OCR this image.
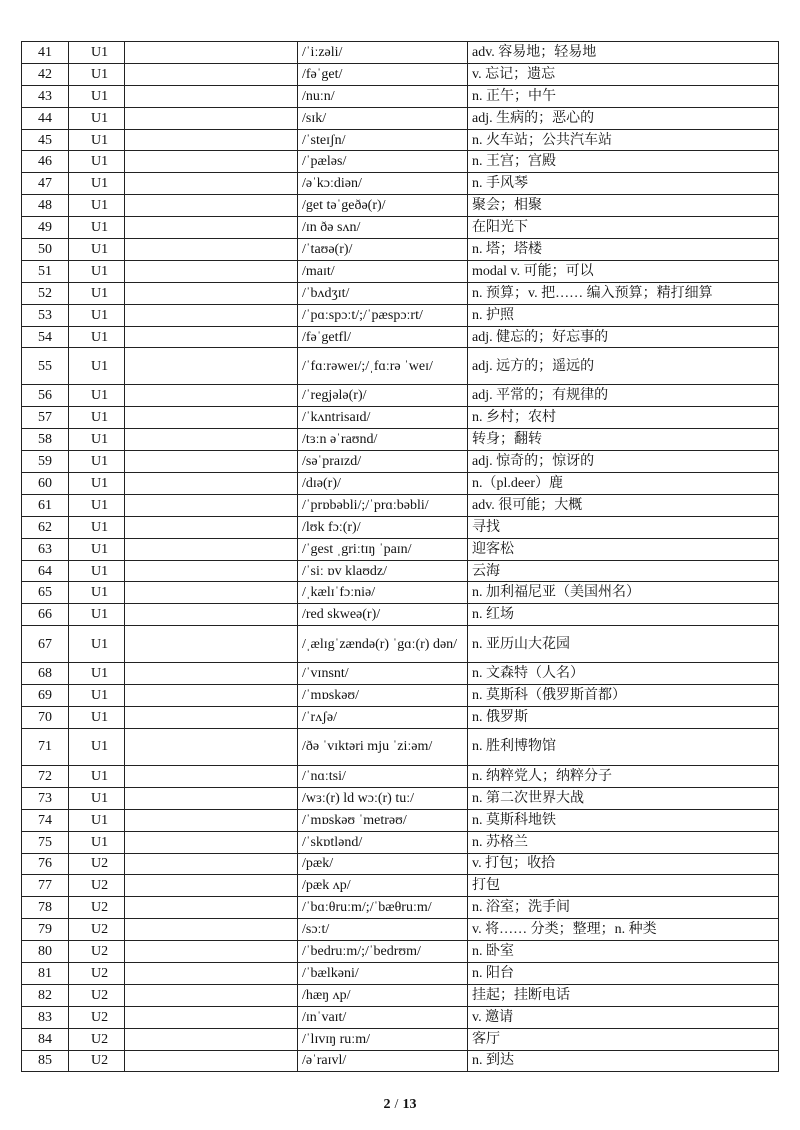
41	U1		/ˈiːzəli/	adv. 容易地；轻易地
42	U1		/fəˈget/	v. 忘记；遗忘
43	U1		/nuːn/	n. 正午；中午
44	U1		/sɪk/	adj. 生病的；恶心的
45	U1		/ˈsteɪʃn/	n. 火车站；公共汽车站
46	U1		/ˈpæləs/	n. 王宫；宫殿
47	U1		/əˈkɔːdiən/	n. 手风琴
48	U1		/get təˈgeðə(r)/	聚会；相聚
49	U1		/ɪn ðə sʌn/	在阳光下
50	U1		/ˈtaʊə(r)/	n. 塔；塔楼
51	U1		/maɪt/	modal v. 可能；可以
52	U1		/ˈbʌdʒɪt/	n. 预算；v. 把…… 编入预算；精打细算
53	U1		/ˈpɑːspɔːt/;/ˈpæspɔːrt/	n. 护照
54	U1		/fəˈgetfl/	adj. 健忘的；好忘事的
55	U1		/ˈfɑːrəweɪ/;/ˌfɑːrə ˈweɪ/	adj. 远方的；遥远的
56	U1		/ˈregjələ(r)/	adj. 平常的；有规律的
57	U1		/ˈkʌntrisaɪd/	n. 乡村；农村
58	U1		/tɜːn əˈraʊnd/	转身；翻转
59	U1		/səˈpraɪzd/	adj. 惊奇的；惊讶的
60	U1		/dɪə(r)/	n.（pl.deer）鹿
61	U1		/ˈprɒbəbli/;/ˈprɑːbəbli/	adv. 很可能；大概
62	U1		/lʊk fɔː(r)/	寻找
63	U1		/ˈgest ˌgriːtɪŋ ˈpaɪn/	迎客松
64	U1		/ˈsiː ɒv klaʊdz/	云海
65	U1		/ˌkælɪˈfɔːniə/	n. 加利福尼亚（美国州名）
66	U1		/red skweə(r)/	n. 红场
67	U1		/ˌælɪgˈzændə(r) ˈgɑː(r) dən/	n. 亚历山大花园
68	U1		/ˈvɪnsnt/	n. 文森特（人名）
69	U1		/ˈmɒskəʊ/	n. 莫斯科（俄罗斯首都）
70	U1		/ˈrʌʃə/	n. 俄罗斯
71	U1		/ðə ˈvɪktəri mju ˈziːəm/	n. 胜利博物馆
72	U1		/ˈnɑːtsi/	n. 纳粹党人；纳粹分子
73	U1		/wɜː(r) ld wɔː(r) tuː/	n. 第二次世界大战
74	U1		/ˈmɒskəʊ ˈmetrəʊ/	n. 莫斯科地铁
75	U1		/ˈskɒtlənd/	n. 苏格兰
76	U2		/pæk/	v. 打包；收拾
77	U2		/pæk ʌp/	打包
78	U2		/ˈbɑːθruːm/;/ˈbæθruːm/	n. 浴室；洗手间
79	U2		/sɔːt/	v. 将…… 分类；整理；n. 种类
80	U2		/ˈbedruːm/;/ˈbedrʊm/	n. 卧室
81	U2		/ˈbælkəni/	n. 阳台
82	U2		/hæŋ ʌp/	挂起；挂断电话
83	U2		/ɪnˈvaɪt/	v. 邀请
84	U2		/ˈlɪvɪŋ ruːm/	客厅
85	U2		/əˈraɪvl/	n. 到达
2 / 13
